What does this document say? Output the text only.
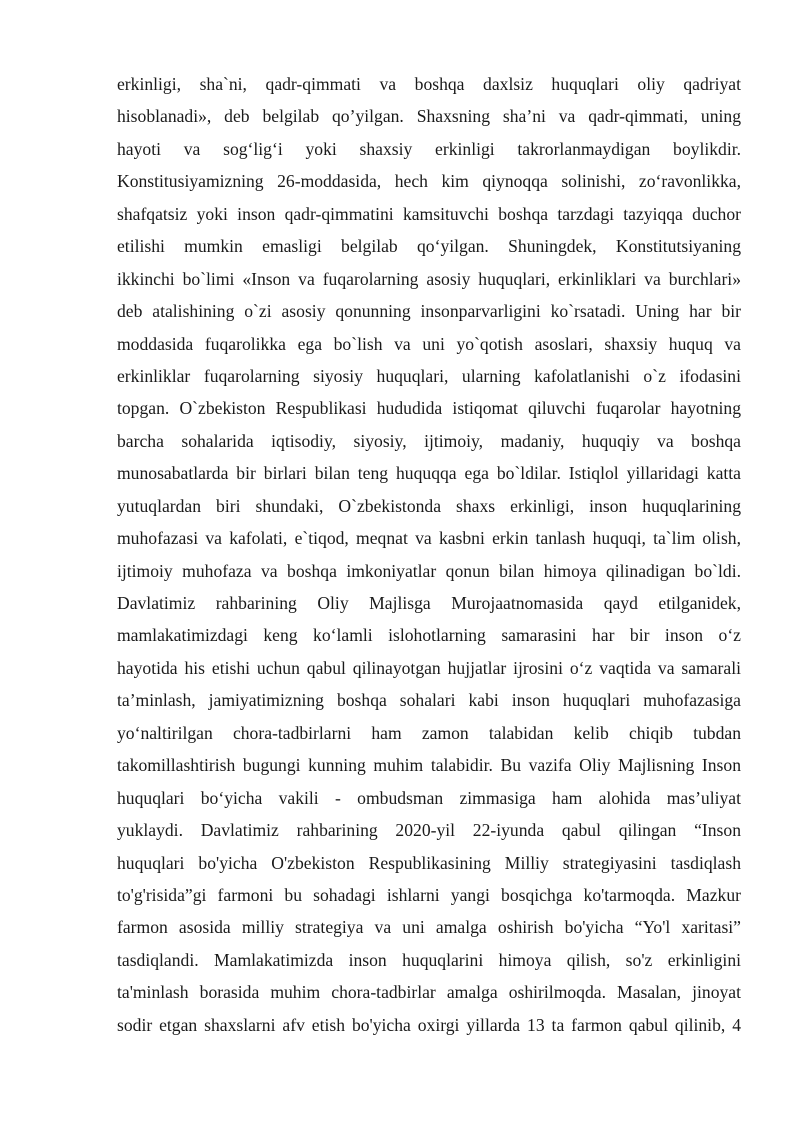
erkinligi, sha`ni, qadr-qimmati va boshqa daxlsiz huquqlari oliy qadriyat
hisoblanadi», deb belgilab qo’yilgan. Shaxsning sha’ni va qadr-qimmati, uning
hayoti va sog‘lig‘i yoki shaxsiy erkinligi takrorlanmaydigan boylikdir.
Konstitusiyamizning 26-moddasida, hech kim qiynoqqa solinishi, zo‘ravonlikka,
shafqatsiz yoki inson qadr-qimmatini kamsituvchi boshqa tarzdagi tazyiqqa duchor
etilishi mumkin emasligi belgilab qo‘yilgan. Shuningdek, Konstitutsiyaning
ikkinchi bo`limi «Inson va fuqarolarning asosiy huquqlari, erkinliklari va burchlari»
deb atalishining o`zi asosiy qonunning insonparvarligini ko`rsatadi. Uning har bir
moddasida fuqarolikka ega bo`lish va uni yo`qotish asoslari, shaxsiy huquq va
erkinliklar fuqarolarning siyosiy huquqlari, ularning kafolatlanishi o`z ifodasini
topgan. O`zbekiston Respublikasi hududida istiqomat qiluvchi fuqarolar hayotning
barcha sohalarida iqtisodiy, siyosiy, ijtimoiy, madaniy, huquqiy va boshqa
munosabatlarda bir birlari bilan teng huquqqa ega bo`ldilar. Istiqlol yillaridagi katta
yutuqlardan biri shundaki, O`zbekistonda shaxs erkinligi, inson huquqlarining
muhofazasi va kafolati, e`tiqod, meqnat va kasbni erkin tanlash huquqi, ta`lim olish,
ijtimoiy muhofaza va boshqa imkoniyatlar qonun bilan himoya qilinadigan bo`ldi.
Davlatimiz rahbarining Oliy Majlisga Murojaatnomasida qayd etilganidek,
mamlakatimizdagi keng ko‘lamli islohotlarning samarasini har bir inson o‘z
hayotida his etishi uchun qabul qilinayotgan hujjatlar ijrosini o‘z vaqtida va samarali
ta’minlash, jamiyatimizning boshqa sohalari kabi inson huquqlari muhofazasiga
yo‘naltirilgan chora-tadbirlarni ham zamon talabidan kelib chiqib tubdan
takomillashtirish bugungi kunning muhim talabidir. Bu vazifa Oliy Majlisning Inson
huquqlari bo‘yicha vakili - ombudsman zimmasiga ham alohida mas’uliyat
yuklaydi. Davlatimiz rahbarining 2020-yil 22-iyunda qabul qilingan “Inson
huquqlari bo'yicha O'zbekiston Respublikasining Milliy strategiyasini tasdiqlash
to'g'risida”gi farmoni bu sohadagi ishlarni yangi bosqichga ko'tarmoqda. Mazkur
farmon asosida milliy strategiya va uni amalga oshirish bo'yicha “Yo'l xaritasi”
tasdiqlandi. Mamlakatimizda inson huquqlarini himoya qilish, so'z erkinligini
ta'minlash borasida muhim chora-tadbirlar amalga oshirilmoqda. Masalan, jinoyat
sodir etgan shaxslarni afv etish bo'yicha oxirgi yillarda 13 ta farmon qabul qilinib, 4
